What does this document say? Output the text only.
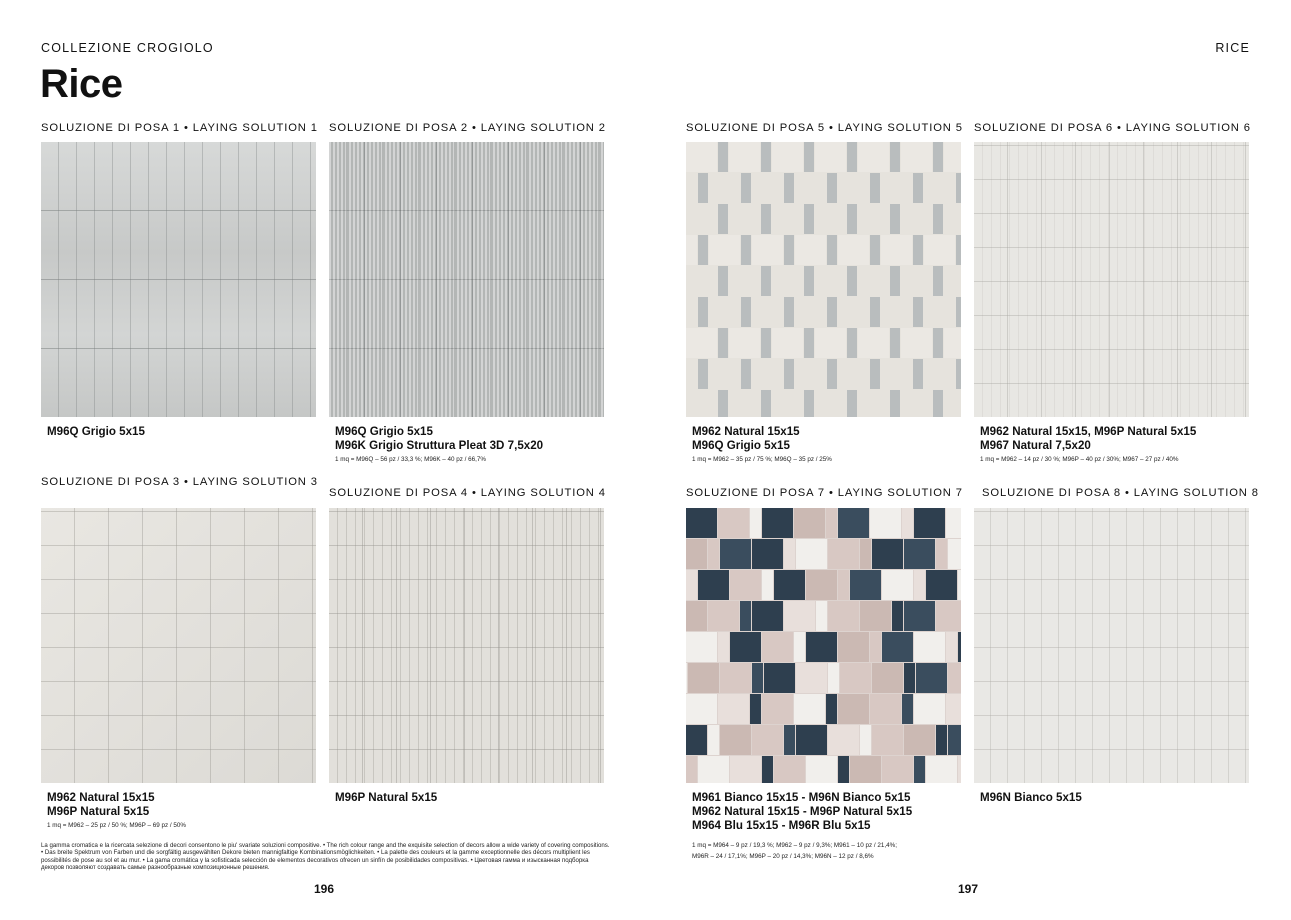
COLLEZIONE CROGIOLO
Rice
RICE
SOLUZIONE DI POSA 1 • LAYING SOLUTION 1
M96Q Grigio 5x15
SOLUZIONE DI POSA 2 • LAYING SOLUTION 2
M96Q Grigio 5x15
M96K Grigio Struttura Pleat 3D 7,5x20
1 mq = M96Q – 56 pz / 33,3 %; M96K – 40 pz / 66,7%
SOLUZIONE DI POSA 3 • LAYING SOLUTION 3
M962 Natural 15x15
M96P Natural 5x15
1 mq = M962 – 25 pz / 50 %; M96P – 69 pz / 50%
SOLUZIONE DI POSA 4 • LAYING SOLUTION 4
M96P Natural 5x15
SOLUZIONE DI POSA 5 • LAYING SOLUTION 5
M962 Natural 15x15
M96Q Grigio 5x15
1 mq = M962 – 35 pz / 75 %; M96Q – 35 pz / 25%
SOLUZIONE DI POSA 6 • LAYING SOLUTION 6
M962 Natural 15x15, M96P Natural 5x15
M967 Natural 7,5x20
1 mq = M962 – 14 pz / 30 %; M96P – 40 pz / 30%; M967 – 27 pz / 40%
SOLUZIONE DI POSA 7 • LAYING SOLUTION 7
M961 Bianco 15x15 - M96N Bianco 5x15
M962 Natural 15x15 - M96P Natural 5x15
M964 Blu 15x15 - M96R Blu 5x15
1 mq = M964 – 9 pz / 19,3 %; M962 – 9 pz / 9,3%; M961 – 10 pz / 21,4%;
M96R – 24 / 17,1%; M96P – 20 pz / 14,3%; M96N – 12 pz / 8,6%
SOLUZIONE DI POSA 8 • LAYING SOLUTION 8
M96N Bianco 5x15
La gamma cromatica e la ricercata selezione di decori consentono le piu' svariate soluzioni compositive. • The rich colour range and the exquisite selection of decors allow a wide variety of covering compositions. • Das breite Spektrum von Farben und die sorgfältig ausgewählten Dekore bieten mannigfaltige Kombinationsmöglichkeiten. • La palette des couleurs et la gamme exceptionnelle des décors multiplient les possibilités de pose au sol et au mur. • La gama cromática y la sofisticada selección de elementos decorativos ofrecen un sinfín de posibilidades compositivas. • Цветовая гамма и изысканная подборка декоров позволяют создавать самые разнообразные композиционные решения.
196	197
